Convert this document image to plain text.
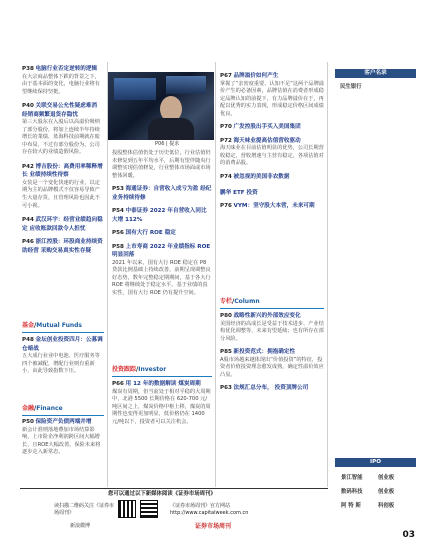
P38 电脑行业否定逆转的逻辑
在大宗商品整体下跌的背景之下，由于基本面的变化，电脑行业将有望继续保持坚挺。
P40 关联交易公允性疑虑难消 经销商频繁退货存隐忧
第三大股东在入股后以高溢价吸纳了部分股份，将加上连续半年持续增长的業绩，蓝海科技前期就在暗中布局，不过有部分股份为，公司存在较大的业绩造假风险。
P42 博吉股份：高费用率稀释增长 业绩持续性待察
女装是一个变化快速的行业，以定期为主的品牌模式不仅容易导致产生大量存货，且管理风险也因此不可小视。
P44 武汉环宇：经营业绩趋向稳定 应收账款回款令人担忧
P46 浙江控股：环股商业持续资助经营 采购交易真实性存疑
基金/Mutual Funds
P48 金坛创业投资四月：公募调仓暗战
五大成行业业中电池、医疗服务等四个被减配，增配行业则有重新小，由此导致指数下压。
金融/Finance
P50 保险资产负债两端并增
新会计准则落地叠加市场结算影响，上市险企净利润跨区间大幅增长，且ROE大幅改善。保险未来将逐步走入新常态。
P06 | 提求
投股整体估值仍处于历史低位，行业估值仍未修复到五年平均水平，后期有望伴随央行调整实现估值修复，行业整体市场面或市场整体回暖。
P53 海通证券：自营收入成亏为盈 经纪业务持续待修
P54 中泰证券 2022 年自营收入同比大增 112%
P56 国有大行 ROE 稳定
P58 上市寿商 2022 年业绩指标 ROE 明显回落
2021 年以来，国有大行 ROE 稳定在 P8 贷款比例基础上持续改善，前期呈现调整良好态势，数年完整稳定期期间，基于各大行 ROE 将继续处于稳定水平。基于业绩的真实性，国有大行 ROE 仍有提升空间。
投资跟踪/Investor
P66 用 12 年的数据解读 煤炭周期
煤炭有周期，但当前处于相对平稳的大周期中，北港 5500 长期价格在 620-700 元/吨区间之上，煤炭价格中枢上移，煤炭的周期性也变得更加明显，低价格仍在 1400 元/吨以下，投资者可以关注机会。
P67 品牌溢价如何产生
掌握了“亲密度重要、认知不足”这两个品牌溢价产生的必备因素，品牌估值在消费者形成稳定品牌认知的前提下，有力品牌溢价在于，再配以优秀的实力表现，形成稳定价格区间成绩优良。
P70 广发控股出手买入美国集团
P72 海天味业提高估值营收驱动
海天味业在目前估值明显的优势，公司长期营收稳定，营收增速与主营有稳定，各项估值对的消费品股。
P74 被忽视的美国非农数据
鹏华 ETF 投资
P76 VYM：坚守股大本营，未来可期
专栏/Column
P80 战略性新兴的外部效应变化
美国经济的高成长是受益于技术进步、产业结构优化调整等，未来有望延续；也有所存在部分风险。
P85 新投资范式：拥抱确定性
A股市场越来越体现出“价值投资”的特征，投资者价值投资理念愈发成熟，确定性溢价效应凸显。
P63 法规汇总分布， 投资顶牌公司
客户名录
民生银行
IPO
景江智能	创业板
数码科技	创业板
阿 特 斯	科创板
您可以通过以下新媒体阅读《证券市场周刊》
读扫描二维码关注《证券市场周刊》
新浪微博
《证券市场周刊》官方网站 http://www.capitalweek.com.cn
证券市场周刊
03
